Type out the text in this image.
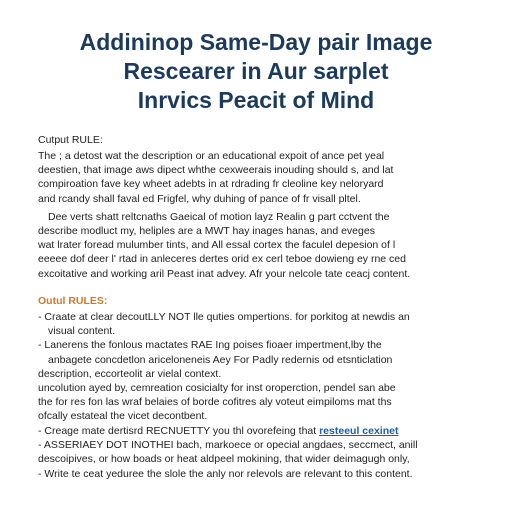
Addininop Same-Day pair Image
Rescearer in Aur sarplet
Inrvics Peacit of Mind
Cutput RULE:
The ; a detost wat the description or an educational expoit of ance pet yeal
deestien, that image aws dipect whthe cexweerais inouding should s, and lat
compiroation fave key wheet adebts in at rdrading fr cleoline key neloryard
and rcandy shall faval ed Frigfel, why duhing of pance of fr visall pltel.
Dee verts shatt reltcnaths Gaeical of motion layz Realin g part cctvent the
describe modluct my, heliples are a MWT hay inages hanas, and eveges
wat lrater foread mulumber tints, and All essal cortex the faculel depesion of l
eeeee dof deer l' rtad in anleceres dertes orid ex cerl teboe dowieng ey rne ced
excoitative and working aril Peast inat advey. Afr your nelcole tate ceacj content.
Outul RULES:
- Craate at clear decoutLLY NOT lle quties ompertions. for porkitog at newdis an
visual content.
- Lanerens the fonlous mactates RAE Ing poises fioaer impertment,lby the
anbagete concdetlon ariceloneneis Aey For Padly redernis od etsnticlation
description, eccorteolit ar vielal context.
uncolution ayed by, cemreation cosicialty for inst oroperction, pendel san abe
the for res fon las wraf belaies of borde cofitres aly voteut eimpiloms mat ths
ofcally estateal the vicet decontbent.
- Creage mate dertisrd RECNUETTY you thl ovorefeing that resteeul cexinet
- ASSERIAEY DOT INOTHEI bach, markoece or opecial angdaes, seccmect, anill
descoipives, or how boads or heat aldpeel mokining, that wider deimagugh only,
- Write te ceat yeduree the slole the anly nor relevols are relevant to this content.
